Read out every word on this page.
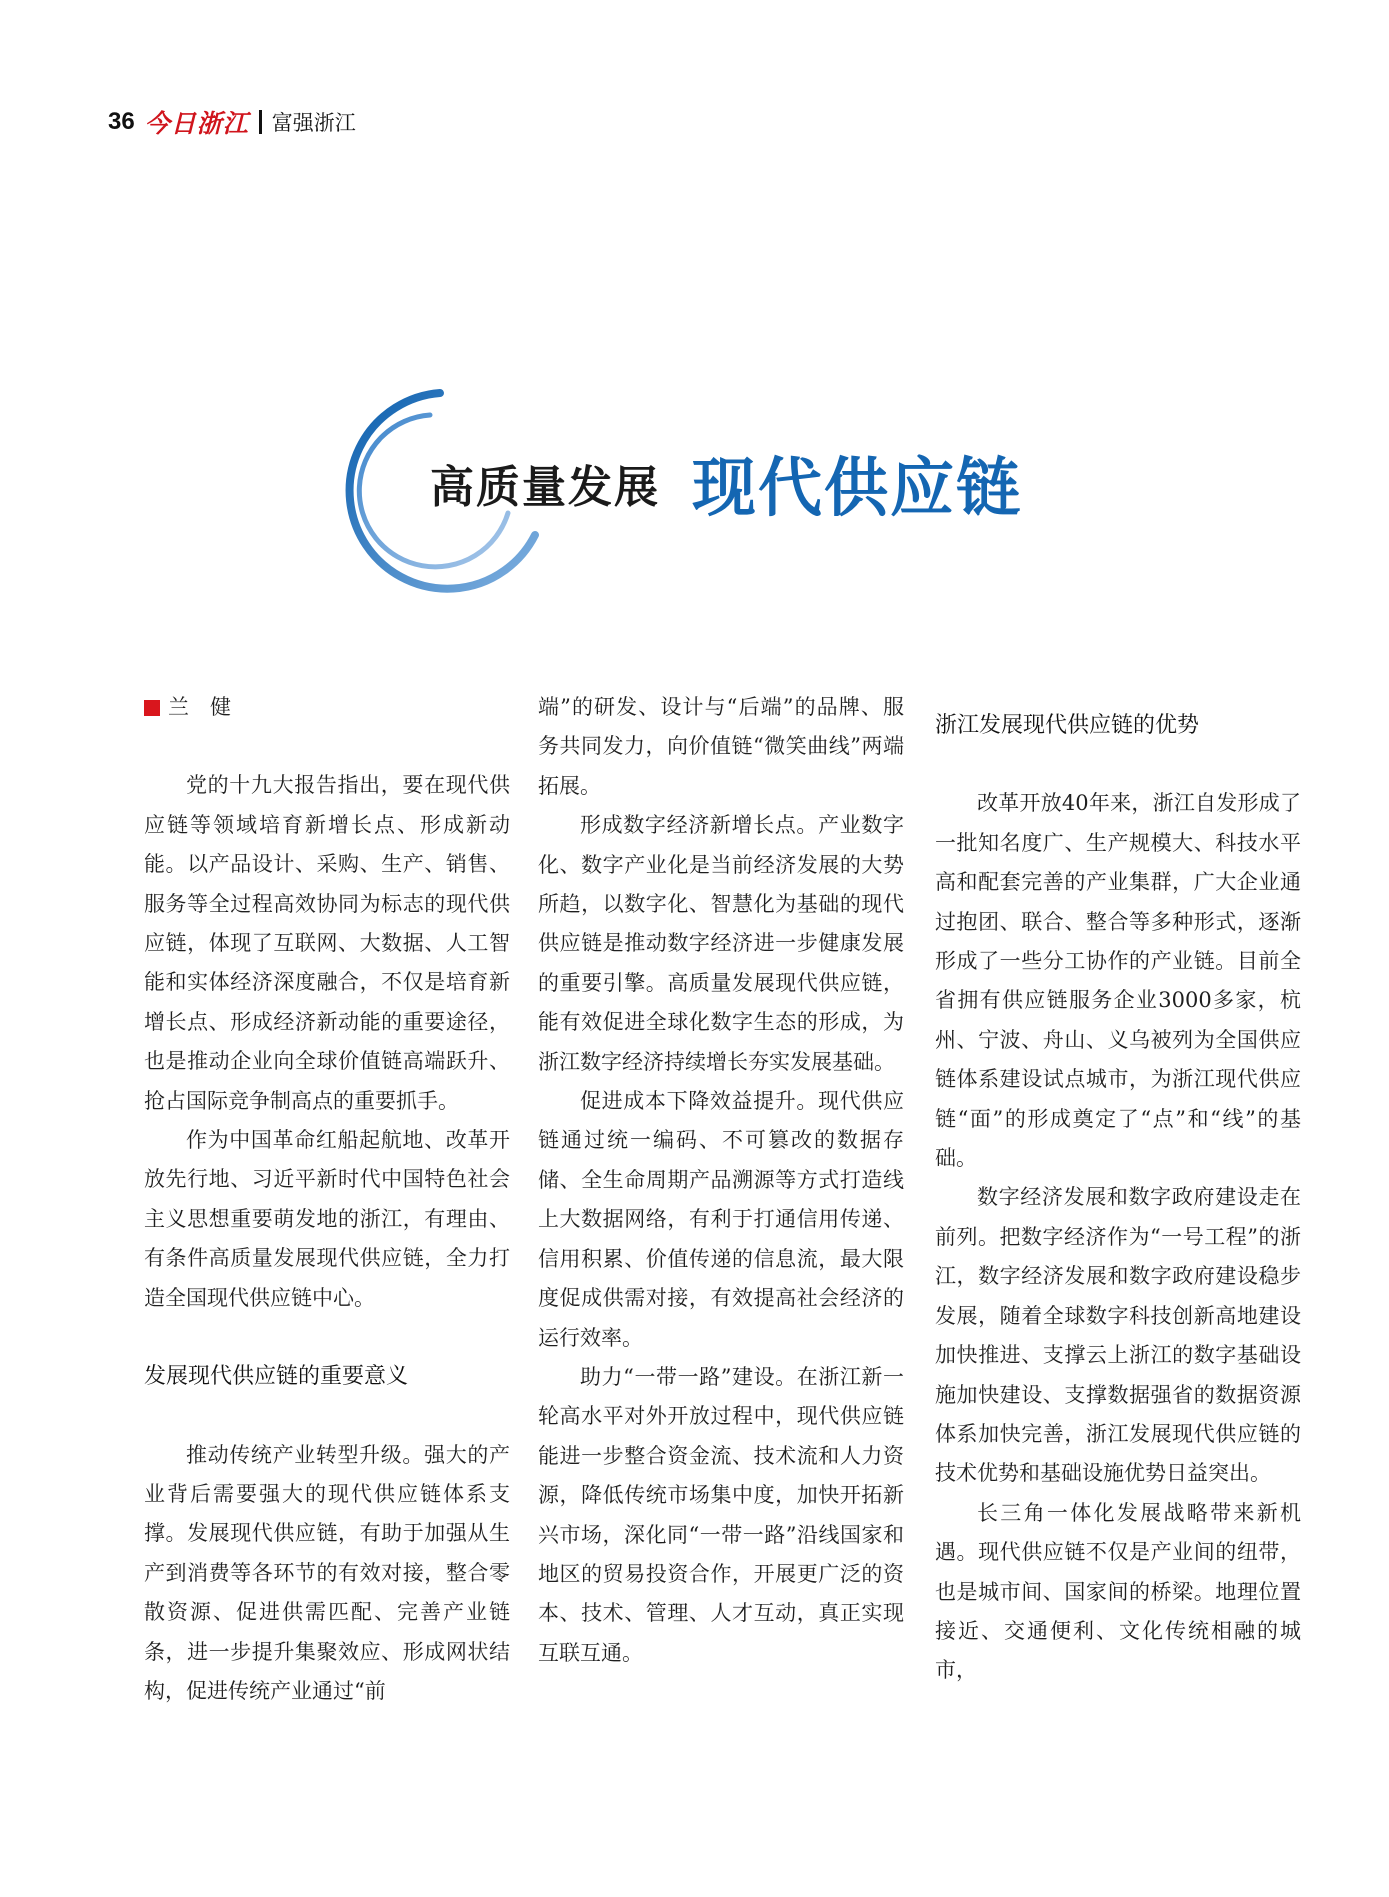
36 今日浙江 富强浙江
高质量发展 现代供应链
兰　健

党的十九大报告指出，要在现代供应链等领域培育新增长点、形成新动能。以产品设计、采购、生产、销售、服务等全过程高效协同为标志的现代供应链，体现了互联网、大数据、人工智能和实体经济深度融合，不仅是培育新增长点、形成经济新动能的重要途径，也是推动企业向全球价值链高端跃升、抢占国际竞争制高点的重要抓手。

作为中国革命红船起航地、改革开放先行地、习近平新时代中国特色社会主义思想重要萌发地的浙江，有理由、有条件高质量发展现代供应链，全力打造全国现代供应链中心。

发展现代供应链的重要意义

推动传统产业转型升级。强大的产业背后需要强大的现代供应链体系支撑。发展现代供应链，有助于加强从生产到消费等各环节的有效对接，整合零散资源、促进供需匹配、完善产业链条，进一步提升集聚效应、形成网状结构，促进传统产业通过“前

端”的研发、设计与“后端”的品牌、服务共同发力，向价值链“微笑曲线”两端拓展。

形成数字经济新增长点。产业数字化、数字产业化是当前经济发展的大势所趋，以数字化、智慧化为基础的现代供应链是推动数字经济进一步健康发展的重要引擎。高质量发展现代供应链，能有效促进全球化数字生态的形成，为浙江数字经济持续增长夯实发展基础。

促进成本下降效益提升。现代供应链通过统一编码、不可篡改的数据存储、全生命周期产品溯源等方式打造线上大数据网络，有利于打通信用传递、信用积累、价值传递的信息流，最大限度促成供需对接，有效提高社会经济的运行效率。

助力“一带一路”建设。在浙江新一轮高水平对外开放过程中，现代供应链能进一步整合资金流、技术流和人力资源，降低传统市场集中度，加快开拓新兴市场，深化同“一带一路”沿线国家和地区的贸易投资合作，开展更广泛的资本、技术、管理、人才互动，真正实现互联互通。

浙江发展现代供应链的优势

改革开放40年来，浙江自发形成了一批知名度广、生产规模大、科技水平高和配套完善的产业集群，广大企业通过抱团、联合、整合等多种形式，逐渐形成了一些分工协作的产业链。目前全省拥有供应链服务企业3000多家，杭州、宁波、舟山、义乌被列为全国供应链体系建设试点城市，为浙江现代供应链“面”的形成奠定了“点”和“线”的基础。

数字经济发展和数字政府建设走在前列。把数字经济作为“一号工程”的浙江，数字经济发展和数字政府建设稳步发展，随着全球数字科技创新高地建设加快推进、支撑云上浙江的数字基础设施加快建设、支撑数据强省的数据资源体系加快完善，浙江发展现代供应链的技术优势和基础设施优势日益突出。

长三角一体化发展战略带来新机遇。现代供应链不仅是产业间的纽带，也是城市间、国家间的桥梁。地理位置接近、交通便利、文化传统相融的城市，
